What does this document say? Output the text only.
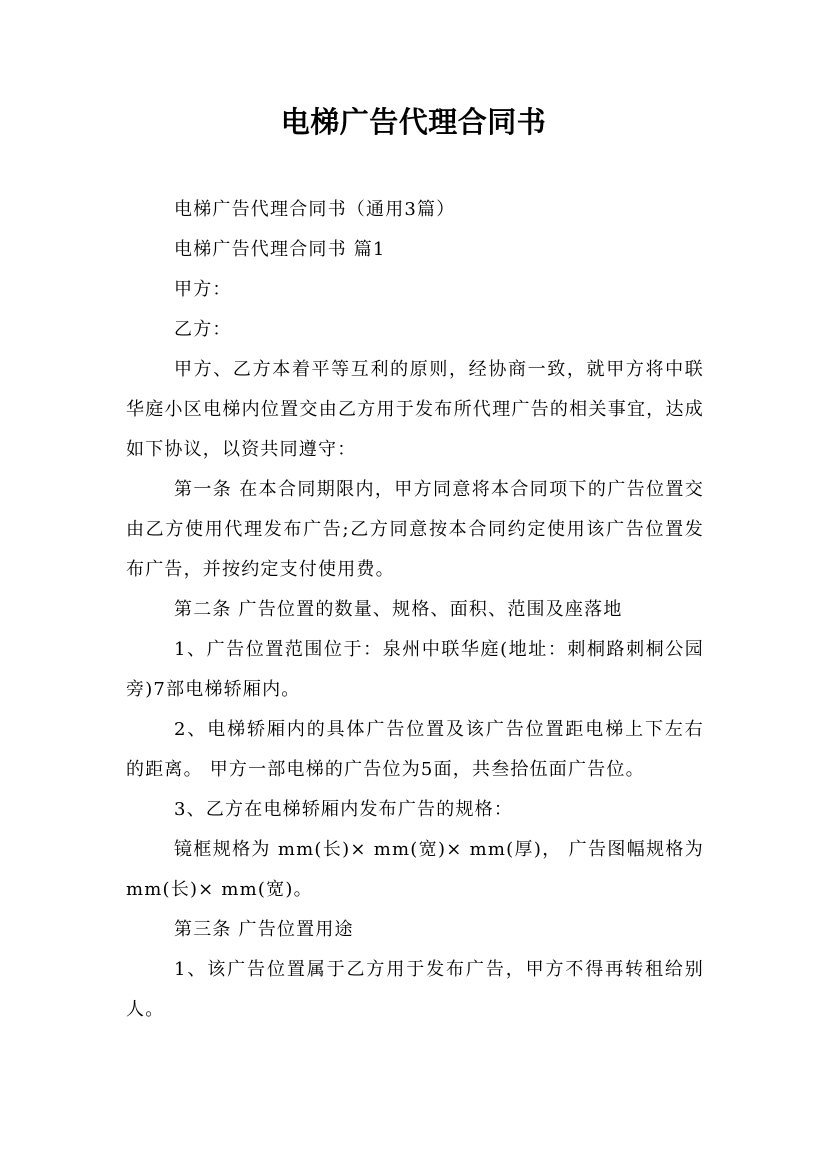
电梯广告代理合同书

电梯广告代理合同书（通用3篇）

电梯广告代理合同书 篇1

甲方：

乙方：

甲方、乙方本着平等互利的原则，经协商一致，就甲方将中联华庭小区电梯内位置交由乙方用于发布所代理广告的相关事宜，达成如下协议，以资共同遵守：

第一条 在本合同期限内，甲方同意将本合同项下的广告位置交由乙方使用代理发布广告;乙方同意按本合同约定使用该广告位置发布广告，并按约定支付使用费。

第二条 广告位置的数量、规格、面积、范围及座落地

1、广告位置范围位于：泉州中联华庭(地址：刺桐路刺桐公园旁)7部电梯轿厢内。

2、电梯轿厢内的具体广告位置及该广告位置距电梯上下左右的距离。 甲方一部电梯的广告位为5面，共叁拾伍面广告位。

3、乙方在电梯轿厢内发布广告的规格：

镜框规格为 mm(长)× mm(宽)× mm(厚)， 广告图幅规格为 mm(长)× mm(宽)。

第三条 广告位置用途

1、该广告位置属于乙方用于发布广告，甲方不得再转租给别人。
